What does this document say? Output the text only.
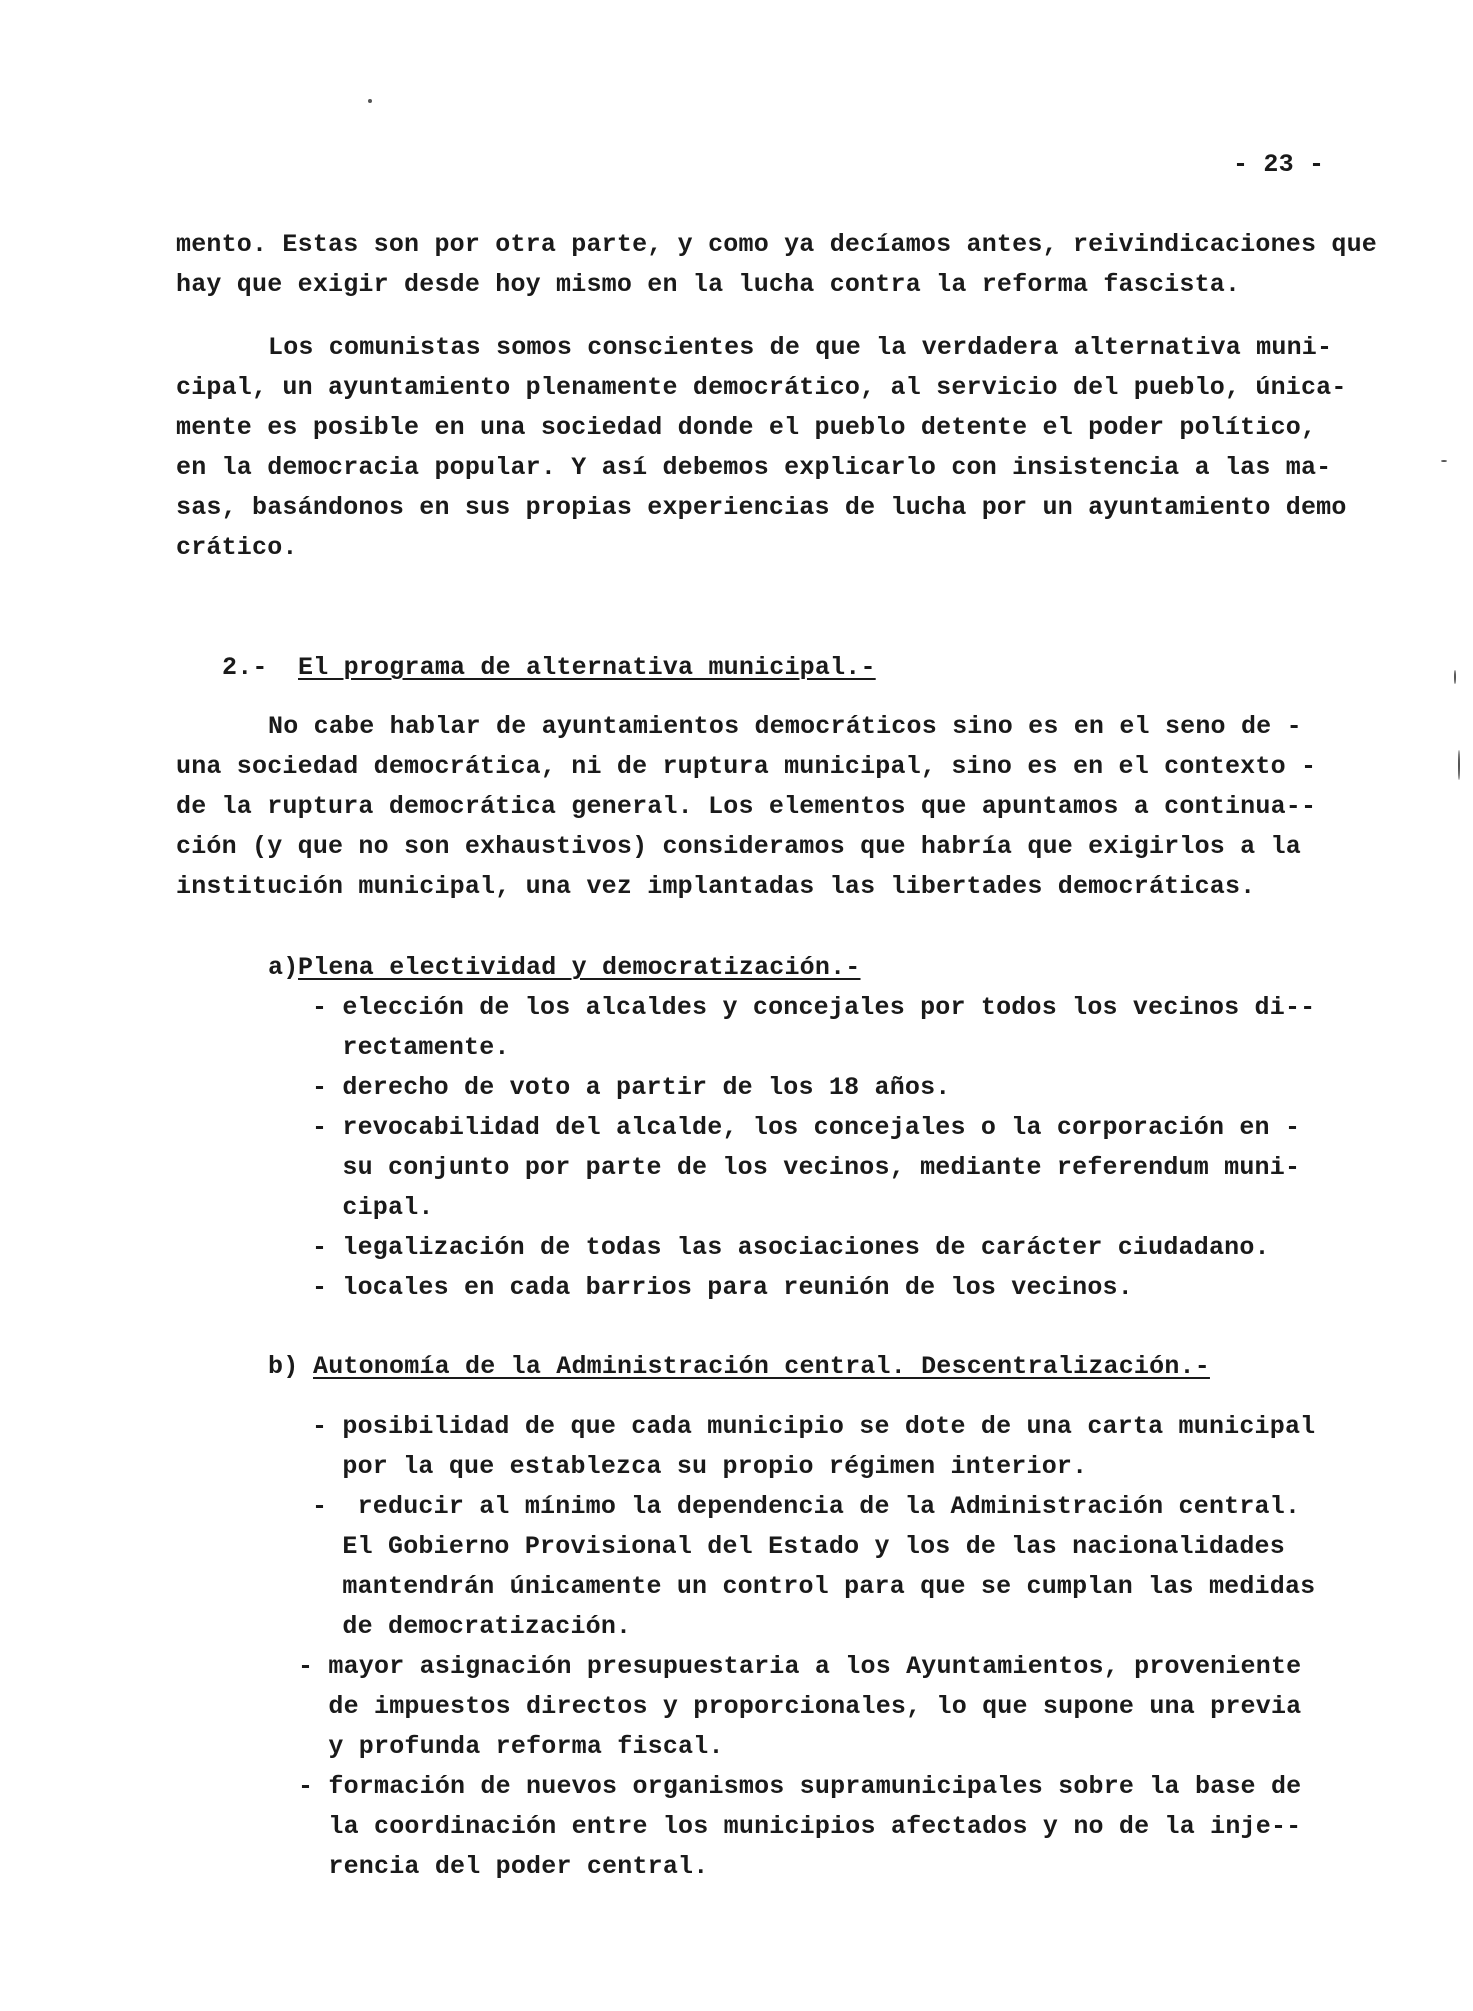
- 23 -
mento. Estas son por otra parte, y como ya decíamos antes, reivindicaciones que
hay que exigir desde hoy mismo en la lucha contra la reforma fascista.
Los comunistas somos conscientes de que la verdadera alternativa muni-
cipal, un ayuntamiento plenamente democrático, al servicio del pueblo, única-
mente es posible en una sociedad donde el pueblo detente el poder político,
en la democracia popular. Y así debemos explicarlo con insistencia a las ma-
sas, basándonos en sus propias experiencias de lucha por un ayuntamiento demo
crático.
2.- El programa de alternativa municipal.-
No cabe hablar de ayuntamientos democráticos sino es en el seno de -
una sociedad democrática, ni de ruptura municipal, sino es en el contexto -
de la ruptura democrática general. Los elementos que apuntamos a continua--
ción (y que no son exhaustivos) consideramos que habría que exigirlos a la
institución municipal, una vez implantadas las libertades democráticas.
a) Plena electividad y democratización.-
- elección de los alcaldes y concejales por todos los vecinos di--
rectamente.
- derecho de voto a partir de los 18 años.
- revocabilidad del alcalde, los concejales o la corporación en -
su conjunto por parte de los vecinos, mediante referendum muni-
cipal.
- legalización de todas las asociaciones de carácter ciudadano.
- locales en cada barrios para reunión de los vecinos.
b) Autonomía de la Administración central. Descentralización.-
- posibilidad de que cada municipio se dote de una carta municipal
por la que establezca su propio régimen interior.
-  reducir al mínimo la dependencia de la Administración central.
El Gobierno Provisional del Estado y los de las nacionalidades
mantendrán únicamente un control para que se cumplan las medidas
de democratización.
- mayor asignación presupuestaria a los Ayuntamientos, proveniente
de impuestos directos y proporcionales, lo que supone una previa
y profunda reforma fiscal.
- formación de nuevos organismos supramunicipales sobre la base de
la coordinación entre los municipios afectados y no de la inje--
rencia del poder central.
